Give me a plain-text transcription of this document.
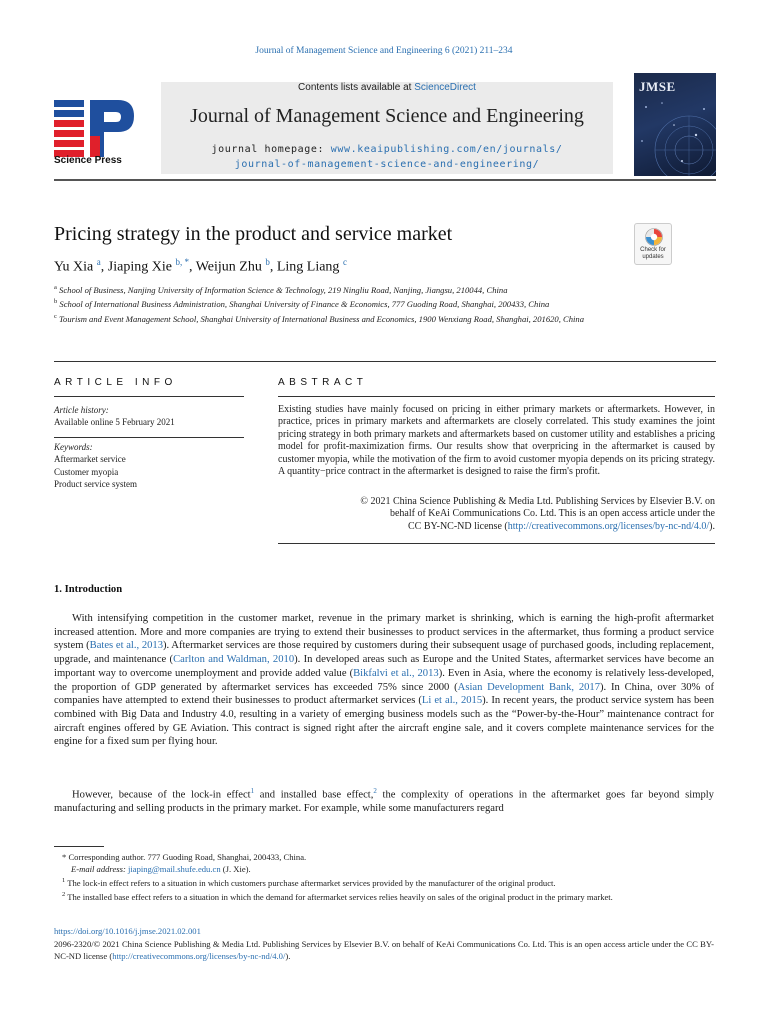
Journal of Management Science and Engineering 6 (2021) 211–234
Science Press
Contents lists available at ScienceDirect
Journal of Management Science and Engineering
journal homepage: www.keaipublishing.com/en/journals/
journal-of-management-science-and-engineering/
JMSE
Pricing strategy in the product and service market
Check for
updates
Yu Xia $^a$, Jiaping Xie $^{b, *}$, Weijun Zhu $^b$, Ling Liang $^c$
$^a$ School of Business, Nanjing University of Information Science & Technology, 219 Ningliu Road, Nanjing, Jiangsu, 210044, China
$^b$ School of International Business Administration, Shanghai University of Finance & Economics, 777 Guoding Road, Shanghai, 200433, China
$^c$ Tourism and Event Management School, Shanghai University of International Business and Economics, 1900 Wenxiang Road, Shanghai, 201620, China
ARTICLE INFO	ABSTRACT
Article history:
Available online 5 February 2021
Keywords:
Aftermarket service
Customer myopia
Product service system
Existing studies have mainly focused on pricing in either primary markets or aftermarkets. However, in practice, prices in primary markets and aftermarkets are closely correlated. This study examines the joint pricing strategy in both primary markets and aftermarkets based on customer utility and establishes a pricing model for profit-maximization firms. Our results show that overpricing in the aftermarket is caused by customer myopia, while the motivation of the firm to avoid customer myopia depends on its pricing strategy. A quantity−price contract in the aftermarket is designed to raise the firm's profit.
© 2021 China Science Publishing & Media Ltd. Publishing Services by Elsevier B.V. on
behalf of KeAi Communications Co. Ltd. This is an open access article under the
CC BY-NC-ND license (http://creativecommons.org/licenses/by-nc-nd/4.0/).
1. Introduction
With intensifying competition in the customer market, revenue in the primary market is shrinking, which is earning the high-profit aftermarket increased attention. More and more companies are trying to extend their businesses to product services in the aftermarket, thus forming a product service system (Bates et al., 2013). Aftermarket services are those required by customers during their subsequent usage of purchased goods, including replacement, upgrade, and maintenance (Carlton and Waldman, 2010). In developed areas such as Europe and the United States, aftermarket services have become an important way to overcome unemployment and provide added value (Bikfalvi et al., 2013). Even in Asia, where the economy is relatively less-developed, the proportion of GDP generated by aftermarket services has exceeded 75% since 2000 (Asian Development Bank, 2017). In China, over 30% of companies have attempted to extend their businesses to product aftermarket services (Li et al., 2015). In recent years, the product service system has been combined with Big Data and Industry 4.0, resulting in a variety of emerging business models such as the “Power-by-the-Hour” maintenance contract for aircraft engines offered by GE Aviation. This contract is signed right after the aircraft engine sale, and it covers complete maintenance services for the engine for a fixed sum per flying hour.
However, because of the lock-in effect$^1$ and installed base effect,$^2$ the complexity of operations in the aftermarket goes far beyond simply manufacturing and selling products in the primary market. For example, while some manufacturers regard
* Corresponding author. 777 Guoding Road, Shanghai, 200433, China.
E-mail address: jiaping@mail.shufe.edu.cn (J. Xie).
$^1$ The lock-in effect refers to a situation in which customers purchase aftermarket services provided by the manufacturer of the original product.
$^2$ The installed base effect refers to a situation in which the demand for aftermarket services relies heavily on sales of the original product in the primary market.
https://doi.org/10.1016/j.jmse.2021.02.001
2096-2320/© 2021 China Science Publishing & Media Ltd. Publishing Services by Elsevier B.V. on behalf of KeAi Communications Co. Ltd. This is an open access article under the CC BY-NC-ND license (http://creativecommons.org/licenses/by-nc-nd/4.0/).
